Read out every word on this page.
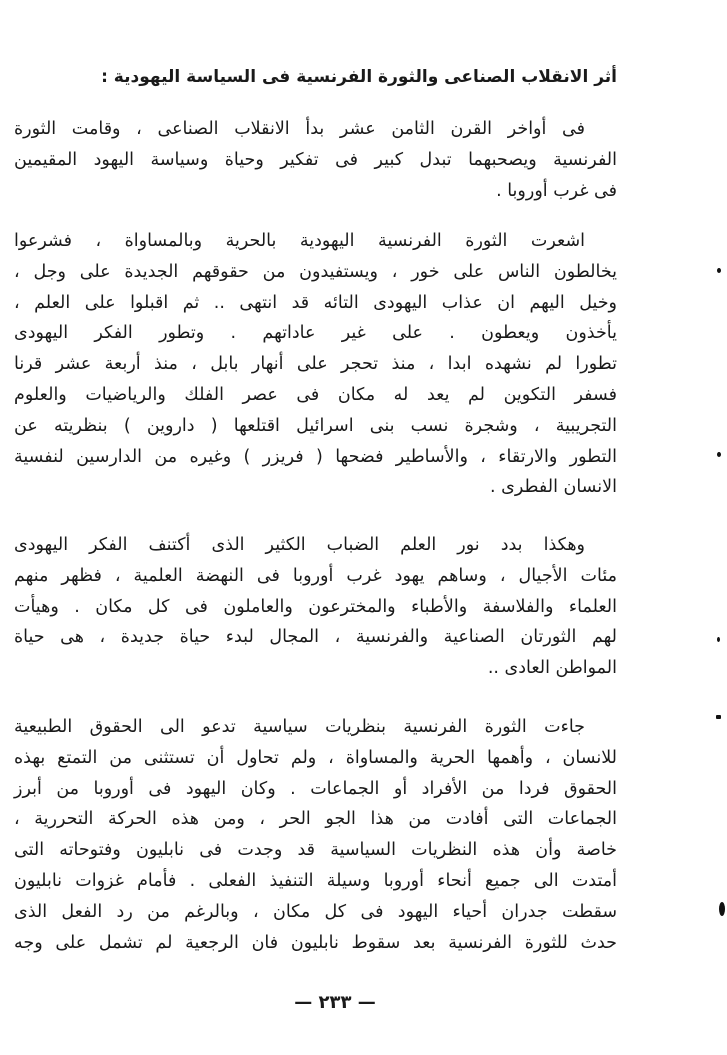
أثر الانقلاب الصناعى والثورة الفرنسية فى السياسة اليهودية :

فى أواخر القرن الثامن عشر بدأ الانقلاب الصناعى ، وقامت الثورة
الفرنسية ويصحبهما تبدل كبير فى تفكير وحياة وسياسة اليهود المقيمين
فى غرب أوروبا .

اشعرت الثورة الفرنسية اليهودية بالحرية وبالمساواة ، فشرعوا
يخالطون الناس على خور ، ويستفيدون من حقوقهم الجديدة على وجل ،
وخيل اليهم ان عذاب اليهودى التائه قد انتهى .. ثم اقبلوا على العلم ،
يأخذون ويعطون . على غير عاداتهم . وتطور الفكر اليهودى
تطورا لم نشهده ابدا ، منذ تحجر على أنهار بابل ، منذ أربعة عشر قرنا
فسفر التكوين لم يعد له مكان فى عصر الفلك والرياضيات والعلوم
التجريبية ، وشجرة نسب بنى اسرائيل اقتلعها ( داروين ) بنظريته عن
التطور والارتقاء ، والأساطير فضحها ( فريزر ) وغيره من الدارسين لنفسية
الانسان الفطرى .

وهكذا بدد نور العلم الضباب الكثير الذى أكتنف الفكر اليهودى
مئات الأجيال ، وساهم يهود غرب أوروبا فى النهضة العلمية ، فظهر منهم
العلماء والفلاسفة والأطباء والمخترعون والعاملون فى كل مكان . وهيأت
لهم الثورتان الصناعية والفرنسية ، المجال لبدء حياة جديدة ، هى حياة
المواطن العادى ..

جاءت الثورة الفرنسية بنظريات سياسية تدعو الى الحقوق الطبيعية
للانسان ، وأهمها الحرية والمساواة ، ولم تحاول أن تستثنى من التمتع بهذه
الحقوق فردا من الأفراد أو الجماعات . وكان اليهود فى أوروبا من أبرز
الجماعات التى أفادت من هذا الجو الحر ، ومن هذه الحركة التحررية ،
خاصة وأن هذه النظريات السياسية قد وجدت فى نابليون وفتوحاته التى
أمتدت الى جميع أنحاء أوروبا وسيلة التنفيذ الفعلى . فأمام غزوات نابليون
سقطت جدران أحياء اليهود فى كل مكان ، وبالرغم من رد الفعل الذى
حدث للثورة الفرنسية بعد سقوط نابليون فان الرجعية لم تشمل على وجه

— ٢٣٣ —
